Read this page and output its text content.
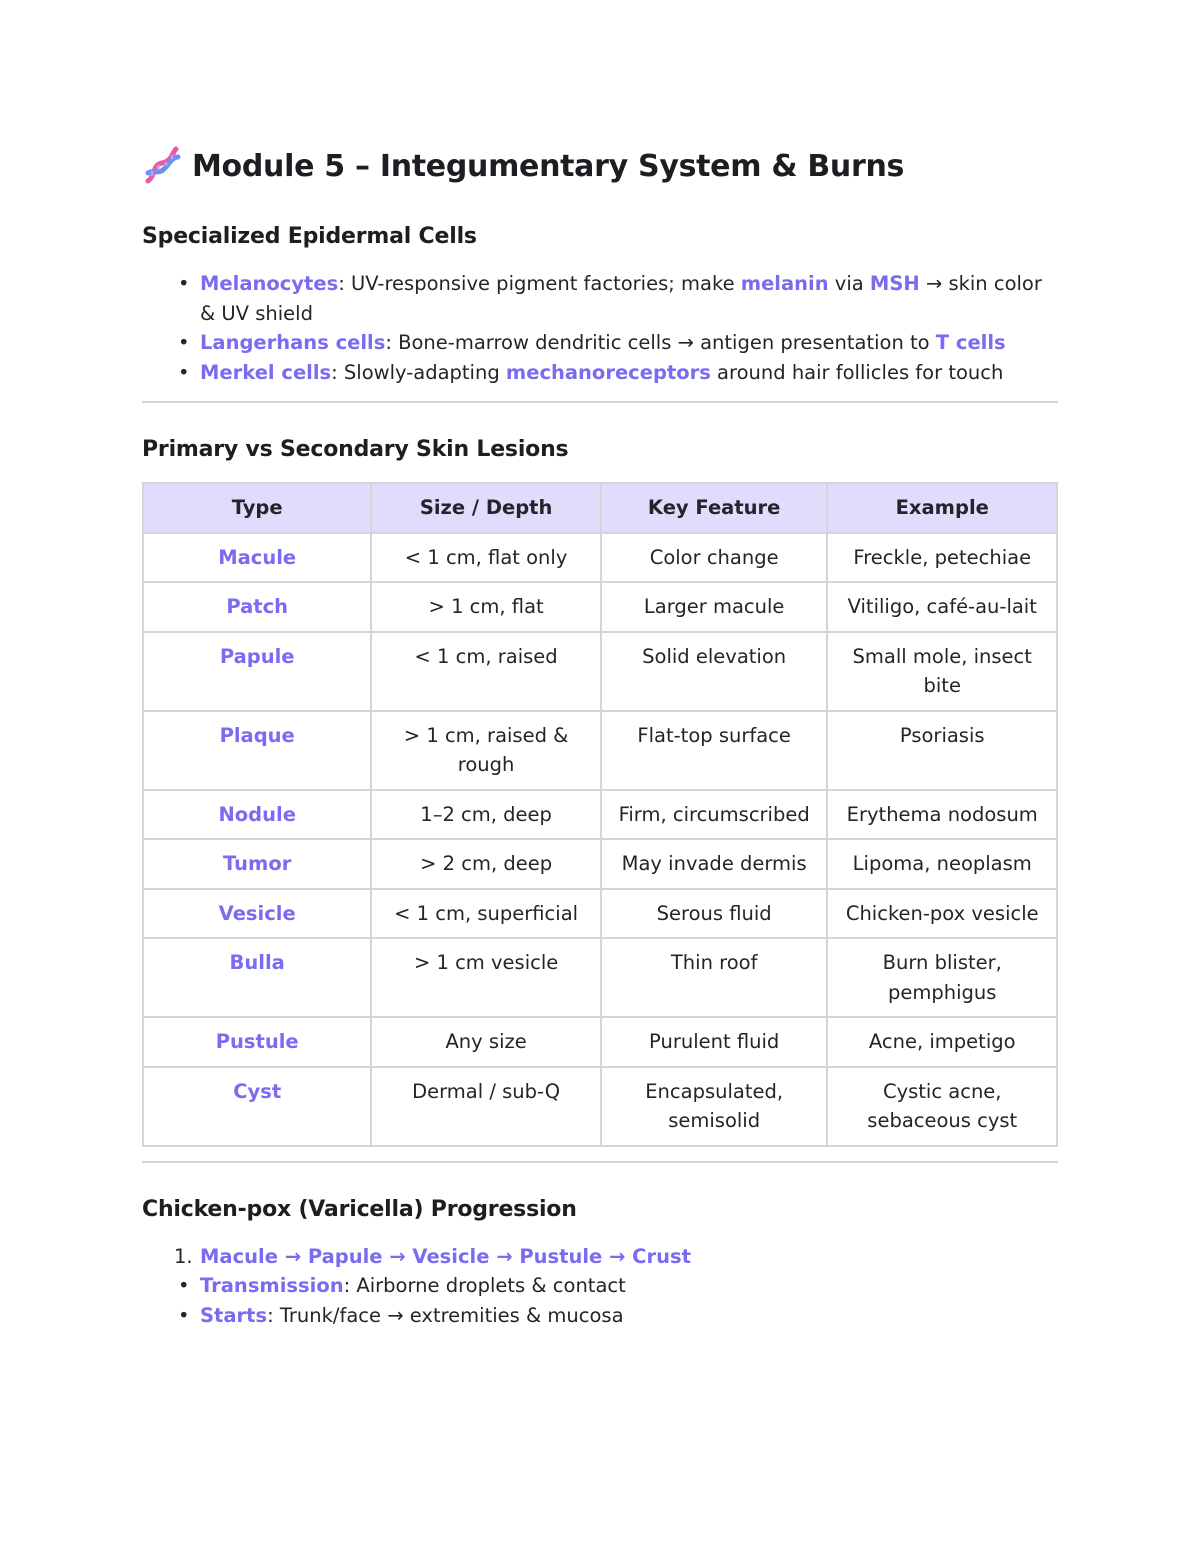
Module 5 – Integumentary System & Burns
Specialized Epidermal Cells
• Melanocytes: UV-responsive pigment factories; make melanin via MSH → skin color & UV shield
• Langerhans cells: Bone-marrow dendritic cells → antigen presentation to T cells
• Merkel cells: Slowly-adapting mechanoreceptors around hair follicles for touch
Primary vs Secondary Skin Lesions
Type	Size / Depth	Key Feature	Example
Macule	< 1 cm, flat only	Color change	Freckle, petechiae
Patch	> 1 cm, flat	Larger macule	Vitiligo, café-au-lait
Papule	< 1 cm, raised	Solid elevation	Small mole, insect bite
Plaque	> 1 cm, raised & rough	Flat-top surface	Psoriasis
Nodule	1–2 cm, deep	Firm, circumscribed	Erythema nodosum
Tumor	> 2 cm, deep	May invade dermis	Lipoma, neoplasm
Vesicle	< 1 cm, superficial	Serous fluid	Chicken-pox vesicle
Bulla	> 1 cm vesicle	Thin roof	Burn blister, pemphigus
Pustule	Any size	Purulent fluid	Acne, impetigo
Cyst	Dermal / sub-Q	Encapsulated, semisolid	Cystic acne, sebaceous cyst
Chicken-pox (Varicella) Progression
1. Macule → Papule → Vesicle → Pustule → Crust
• Transmission: Airborne droplets & contact
• Starts: Trunk/face → extremities & mucosa
